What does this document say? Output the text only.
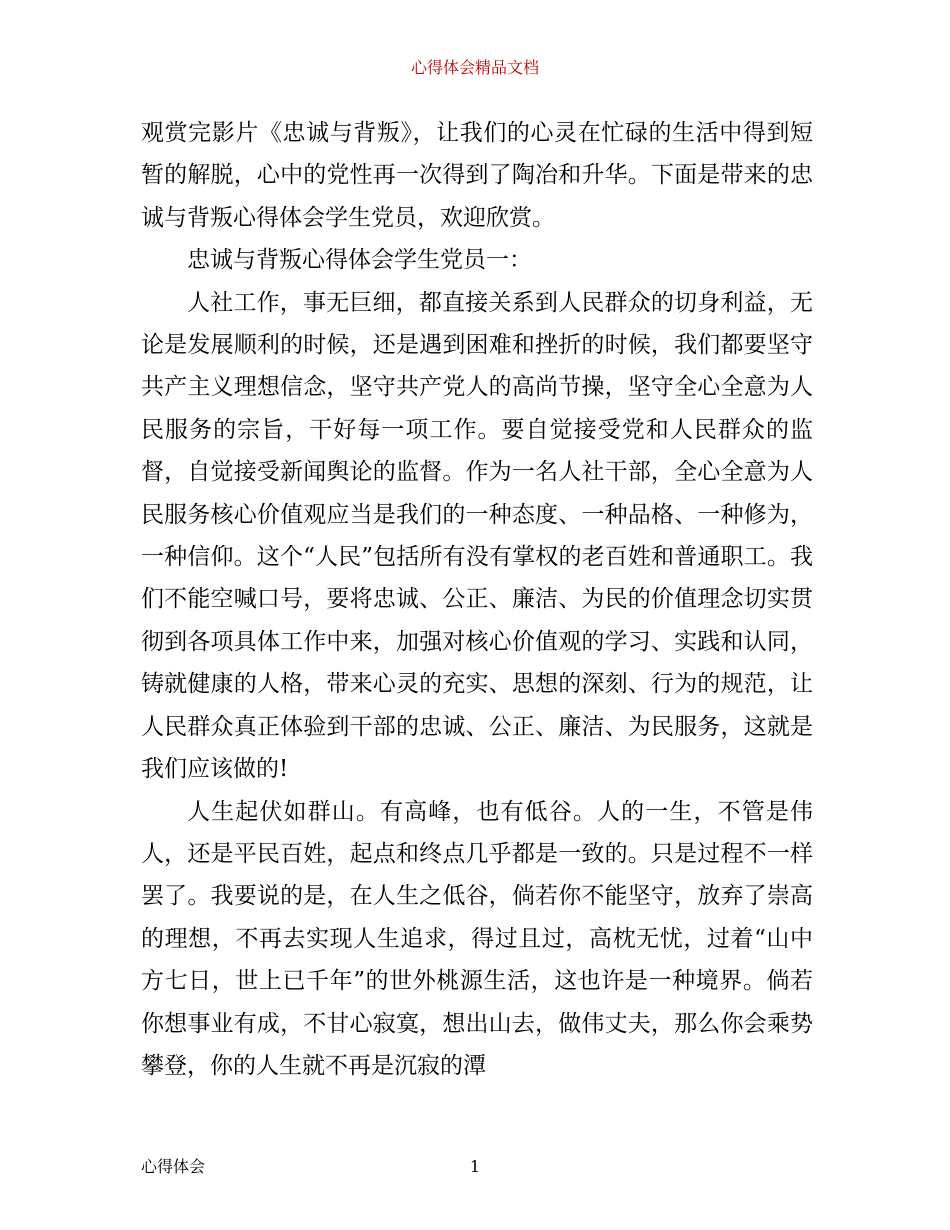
心得体会精品文档

观赏完影片《忠诚与背叛》，让我们的心灵在忙碌的生活中得到短暂的解脱，心中的党性再一次得到了陶冶和升华。下面是带来的忠诚与背叛心得体会学生党员，欢迎欣赏。

忠诚与背叛心得体会学生党员一：

人社工作，事无巨细，都直接关系到人民群众的切身利益，无论是发展顺利的时候，还是遇到困难和挫折的时候，我们都要坚守共产主义理想信念，坚守共产党人的高尚节操，坚守全心全意为人民服务的宗旨，干好每一项工作。要自觉接受党和人民群众的监督，自觉接受新闻舆论的监督。作为一名人社干部，全心全意为人民服务核心价值观应当是我们的一种态度、一种品格、一种修为，一种信仰。这个“人民”包括所有没有掌权的老百姓和普通职工。我们不能空喊口号，要将忠诚、公正、廉洁、为民的价值理念切实贯彻到各项具体工作中来，加强对核心价值观的学习、实践和认同，铸就健康的人格，带来心灵的充实、思想的深刻、行为的规范，让人民群众真正体验到干部的忠诚、公正、廉洁、为民服务，这就是我们应该做的!

人生起伏如群山。有高峰，也有低谷。人的一生，不管是伟人，还是平民百姓，起点和终点几乎都是一致的。只是过程不一样罢了。我要说的是，在人生之低谷，倘若你不能坚守，放弃了崇高的理想，不再去实现人生追求，得过且过，高枕无忧，过着“山中方七日，世上已千年”的世外桃源生活，这也许是一种境界。倘若你想事业有成，不甘心寂寞，想出山去，做伟丈夫，那么你会乘势攀登，你的人生就不再是沉寂的潭

心得体会	1
